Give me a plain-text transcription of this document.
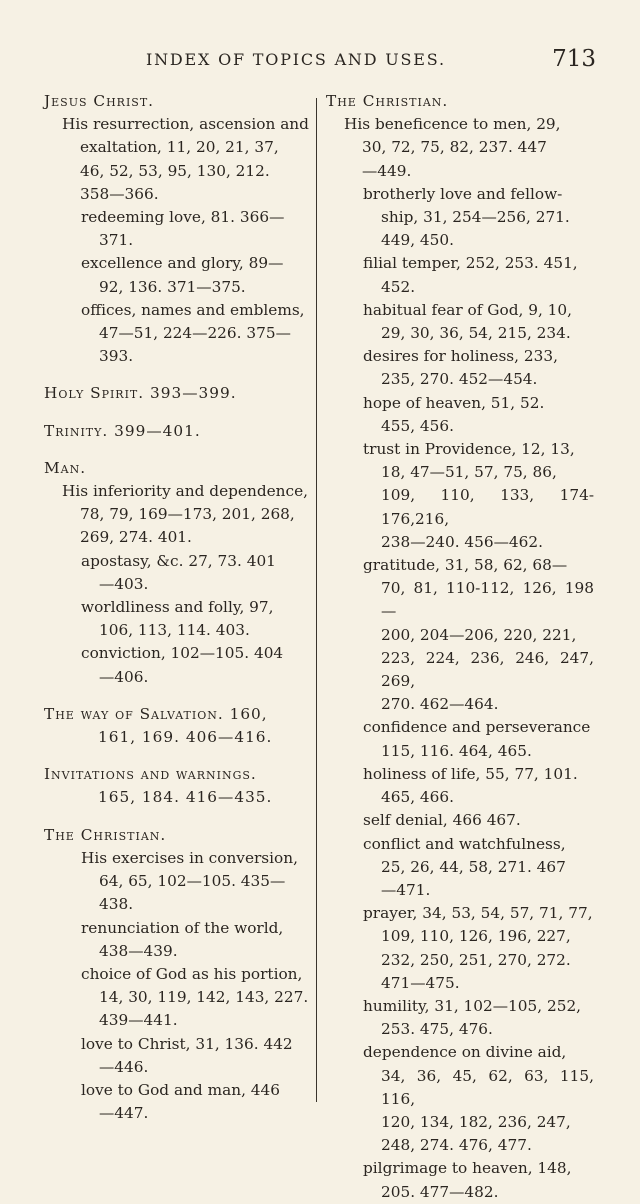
INDEX OF TOPICS AND USES.	713
Jesus Christ.
His resurrection, ascension and
exaltation, 11, 20, 21, 37,
46, 52, 53, 95, 130, 212.
358—366.
redeeming love, 81. 366—
371.
excellence and glory, 89—
92, 136. 371—375.
offices, names and emblems,
47—51, 224—226. 375—
393.
Holy Spirit. 393—399.
Trinity. 399—401.
Man.
His inferiority and dependence,
78, 79, 169—173, 201, 268,
269, 274. 401.
apostasy, &c. 27, 73. 401
—403.
worldliness and folly, 97,
106, 113, 114. 403.
conviction, 102—105. 404
—406.
The way of Salvation. 160,
161, 169. 406—416.
Invitations and warnings.
165, 184. 416—435.
The Christian.
His exercises in conversion,
64, 65, 102—105. 435—
438.
renunciation of the world,
438—439.
choice of God as his portion,
14, 30, 119, 142, 143, 227.
439—441.
love to Christ, 31, 136. 442
—446.
love to God and man, 446
—447.
The Christian.
His beneficence to men, 29,
30, 72, 75, 82, 237. 447
—449.
brotherly love and fellow-
ship, 31, 254—256, 271.
449, 450.
filial temper, 252, 253. 451,
452.
habitual fear of God, 9, 10,
29, 30, 36, 54, 215, 234.
desires for holiness, 233,
235, 270. 452—454.
hope of heaven, 51, 52.
455, 456.
trust in Providence, 12, 13,
18, 47—51, 57, 75, 86,
109, 110, 133, 174-176,216,
238—240. 456—462.
gratitude, 31, 58, 62, 68—
70, 81, 110-112, 126, 198—
200, 204—206, 220, 221,
223, 224, 236, 246, 247, 269,
270. 462—464.
confidence and perseverance
115, 116. 464, 465.
holiness of life, 55, 77, 101.
465, 466.
self denial, 466 467.
conflict and watchfulness,
25, 26, 44, 58, 271. 467
—471.
prayer, 34, 53, 54, 57, 71, 77,
109, 110, 126, 196, 227,
232, 250, 251, 270, 272.
471—475.
humility, 31, 102—105, 252,
253. 475, 476.
dependence on divine aid,
34, 36, 45, 62, 63, 115, 116,
120, 134, 182, 236, 247,
248, 274. 476, 477.
pilgrimage to heaven, 148,
205. 477—482.
